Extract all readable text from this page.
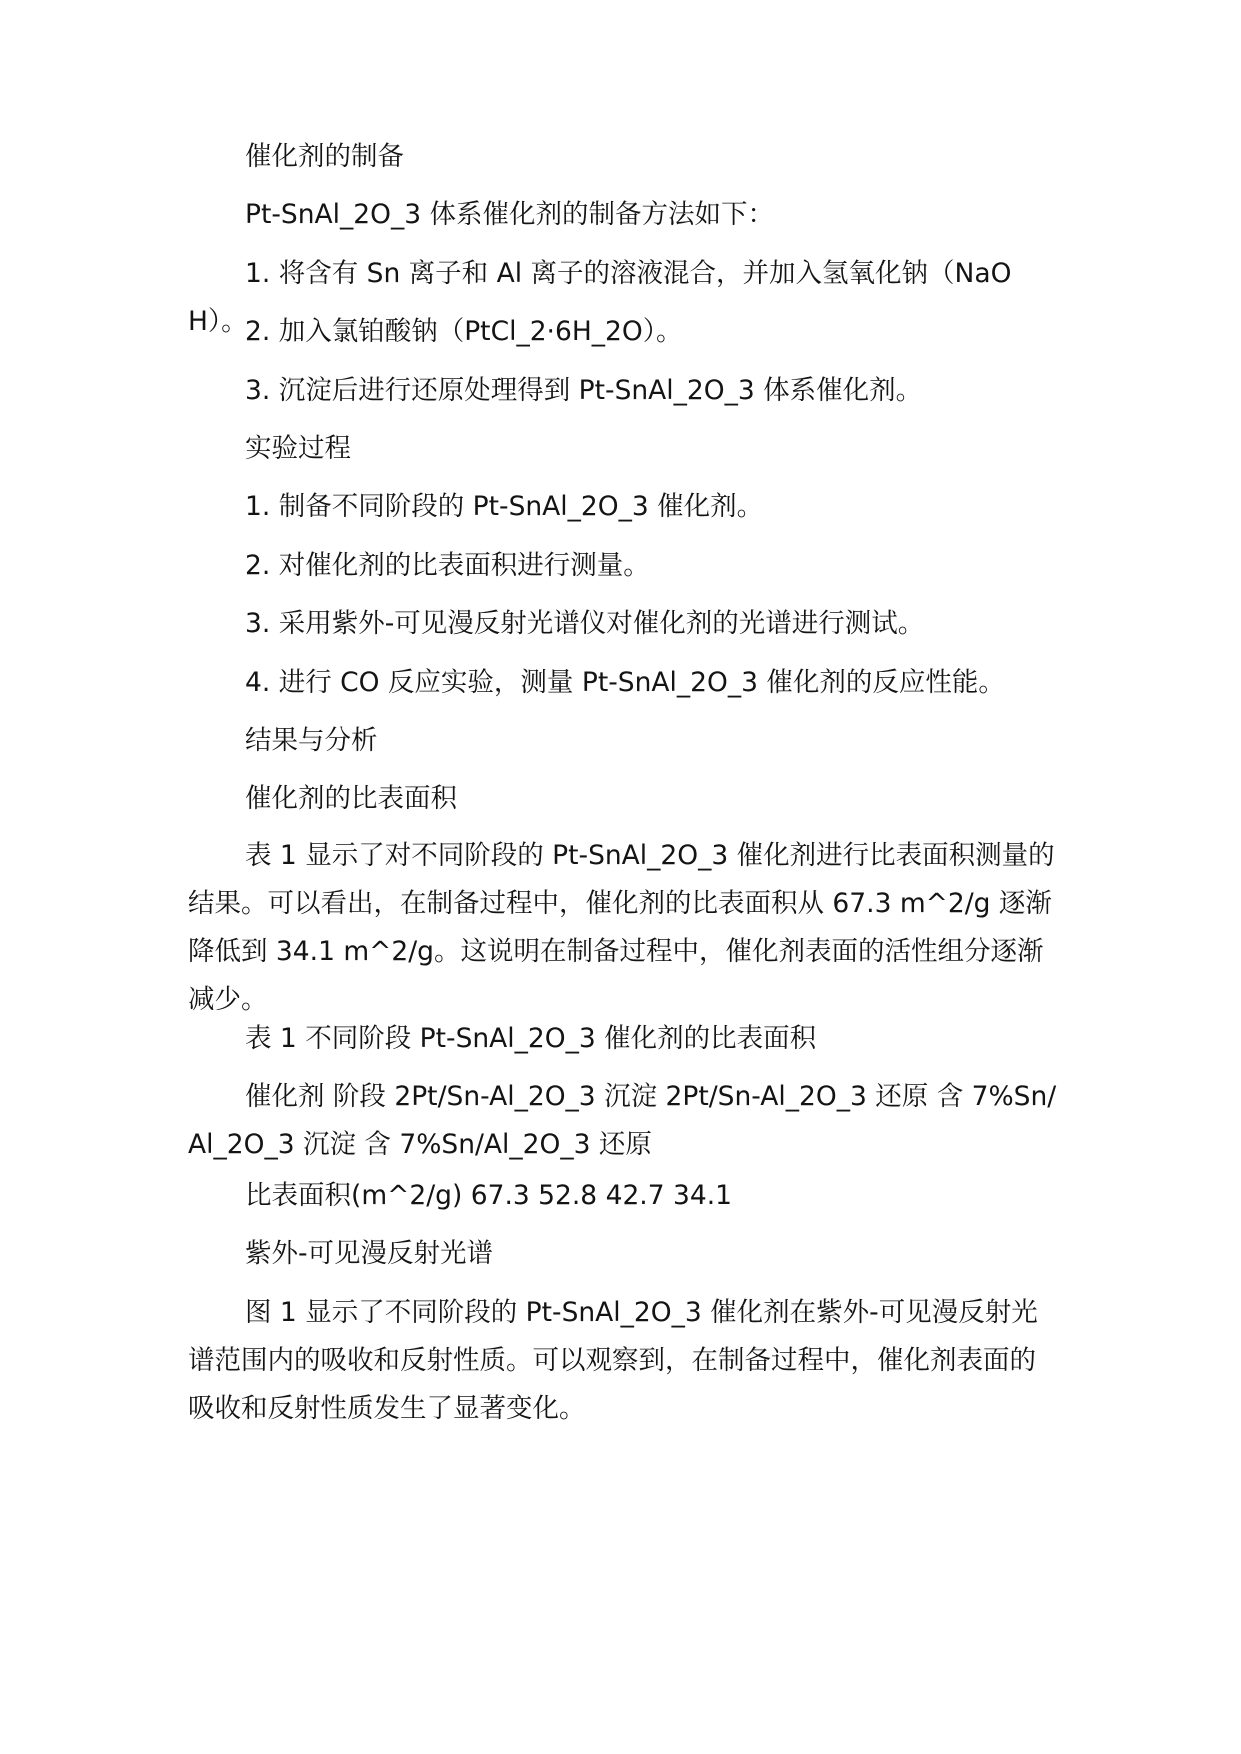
催化剂的制备
Pt-SnAl_2O_3 体系催化剂的制备方法如下：
1. 将含有 Sn 离子和 Al 离子的溶液混合，并加入氢氧化钠（NaOH）。
2. 加入氯铂酸钠（PtCl_2·6H_2O）。
3. 沉淀后进行还原处理得到 Pt-SnAl_2O_3 体系催化剂。
实验过程
1. 制备不同阶段的 Pt-SnAl_2O_3 催化剂。
2. 对催化剂的比表面积进行测量。
3. 采用紫外-可见漫反射光谱仪对催化剂的光谱进行测试。
4. 进行 CO 反应实验，测量 Pt-SnAl_2O_3 催化剂的反应性能。
结果与分析
催化剂的比表面积
表 1 显示了对不同阶段的 Pt-SnAl_2O_3 催化剂进行比表面积测量的结果。可以看出，在制备过程中，催化剂的比表面积从 67.3 m^2/g 逐渐降低到 34.1 m^2/g。这说明在制备过程中，催化剂表面的活性组分逐渐减少。
表 1 不同阶段 Pt-SnAl_2O_3 催化剂的比表面积
催化剂 阶段 2Pt/Sn-Al_2O_3 沉淀 2Pt/Sn-Al_2O_3 还原 含 7%Sn/Al_2O_3 沉淀 含 7%Sn/Al_2O_3 还原
比表面积(m^2/g) 67.3 52.8 42.7 34.1
紫外-可见漫反射光谱
图 1 显示了不同阶段的 Pt-SnAl_2O_3 催化剂在紫外-可见漫反射光谱范围内的吸收和反射性质。可以观察到，在制备过程中，催化剂表面的吸收和反射性质发生了显著变化。
